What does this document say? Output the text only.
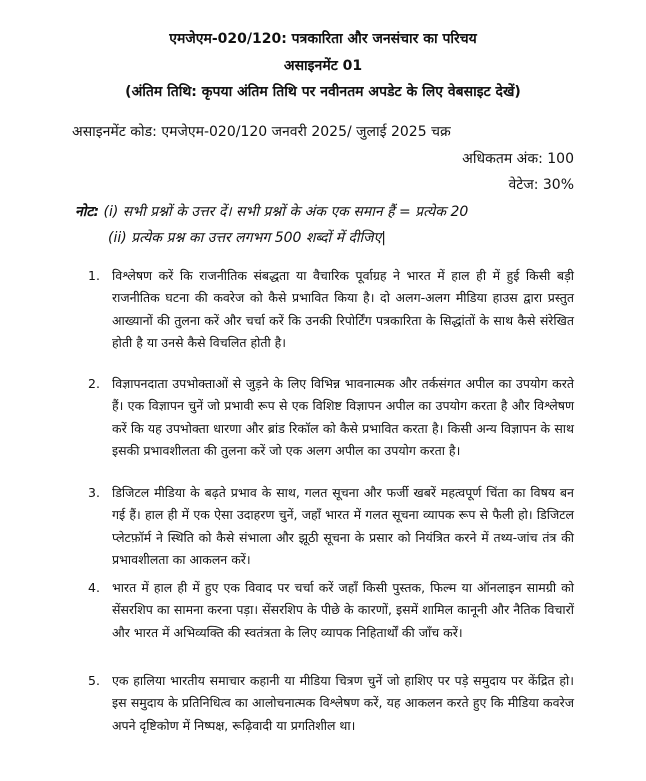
एमजेएम-020/120: पत्रकारिता और जनसंचार का परिचय
असाइनमेंट 01
(अंतिम तिथि: कृपया अंतिम तिथि पर नवीनतम अपडेट के लिए वेबसाइट देखें)
असाइनमेंट कोड: एमजेएम-020/120 जनवरी 2025/ जुलाई 2025 चक्र
अधिकतम अंक: 100
वेटेज: 30%
नोट: (i) सभी प्रश्नों के उत्तर दें। सभी प्रश्नों के अंक एक समान हैं = प्रत्येक 20
(ii) प्रत्येक प्रश्न का उत्तर लगभग 500 शब्दों में दीजिए|
1. विश्लेषण करें कि राजनीतिक संबद्धता या वैचारिक पूर्वाग्रह ने भारत में हाल ही में हुई किसी बड़ी राजनीतिक घटना की कवरेज को कैसे प्रभावित किया है। दो अलग-अलग मीडिया हाउस द्वारा प्रस्तुत आख्यानों की तुलना करें और चर्चा करें कि उनकी रिपोर्टिंग पत्रकारिता के सिद्धांतों के साथ कैसे संरेखित होती है या उनसे कैसे विचलित होती है।
2. विज्ञापनदाता उपभोक्ताओं से जुड़ने के लिए विभिन्न भावनात्मक और तर्कसंगत अपील का उपयोग करते हैं। एक विज्ञापन चुनें जो प्रभावी रूप से एक विशिष्ट विज्ञापन अपील का उपयोग करता है और विश्लेषण करें कि यह उपभोक्ता धारणा और ब्रांड रिकॉल को कैसे प्रभावित करता है। किसी अन्य विज्ञापन के साथ इसकी प्रभावशीलता की तुलना करें जो एक अलग अपील का उपयोग करता है।
3. डिजिटल मीडिया के बढ़ते प्रभाव के साथ, गलत सूचना और फर्जी खबरें महत्वपूर्ण चिंता का विषय बन गई हैं। हाल ही में एक ऐसा उदाहरण चुनें, जहाँ भारत में गलत सूचना व्यापक रूप से फैली हो। डिजिटल प्लेटफ़ॉर्म ने स्थिति को कैसे संभाला और झूठी सूचना के प्रसार को नियंत्रित करने में तथ्य-जांच तंत्र की प्रभावशीलता का आकलन करें।
4. भारत में हाल ही में हुए एक विवाद पर चर्चा करें जहाँ किसी पुस्तक, फिल्म या ऑनलाइन सामग्री को सेंसरशिप का सामना करना पड़ा। सेंसरशिप के पीछे के कारणों, इसमें शामिल कानूनी और नैतिक विचारों और भारत में अभिव्यक्ति की स्वतंत्रता के लिए व्यापक निहितार्थों की जाँच करें।
5. एक हालिया भारतीय समाचार कहानी या मीडिया चित्रण चुनें जो हाशिए पर पड़े समुदाय पर केंद्रित हो। इस समुदाय के प्रतिनिधित्व का आलोचनात्मक विश्लेषण करें, यह आकलन करते हुए कि मीडिया कवरेज अपने दृष्टिकोण में निष्पक्ष, रूढ़िवादी या प्रगतिशील था।
